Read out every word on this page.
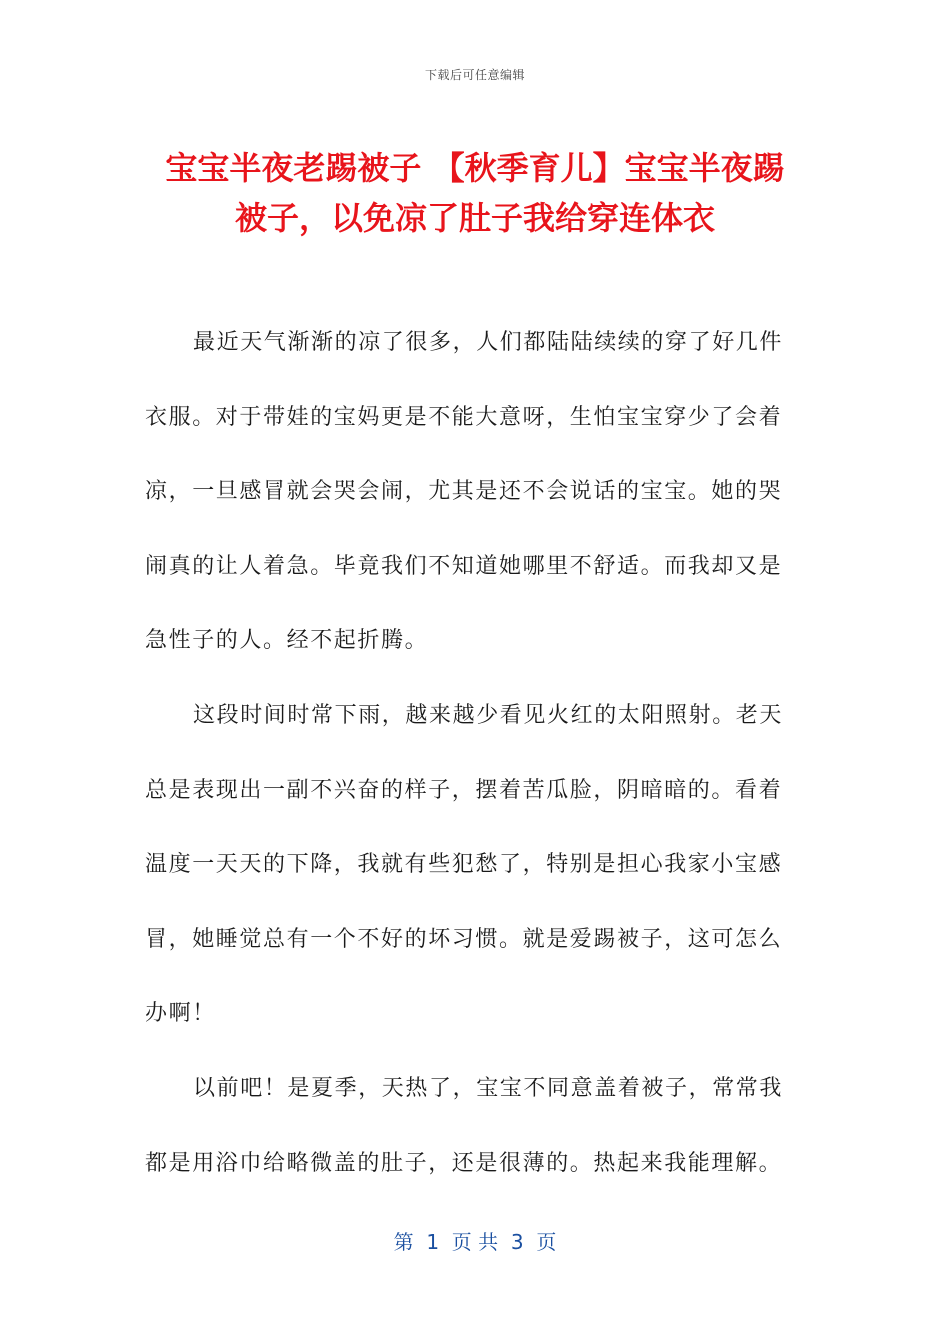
下载后可任意编辑
宝宝半夜老踢被子 【秋季育儿】宝宝半夜踢
被子，以免凉了肚子我给穿连体衣
最近天气渐渐的凉了很多，人们都陆陆续续的穿了好几件
衣服。对于带娃的宝妈更是不能大意呀，生怕宝宝穿少了会着
凉，一旦感冒就会哭会闹，尤其是还不会说话的宝宝。她的哭
闹真的让人着急。毕竟我们不知道她哪里不舒适。而我却又是
急性子的人。经不起折腾。
这段时间时常下雨，越来越少看见火红的太阳照射。老天
总是表现出一副不兴奋的样子，摆着苦瓜脸，阴暗暗的。看着
温度一天天的下降，我就有些犯愁了，特别是担心我家小宝感
冒，她睡觉总有一个不好的坏习惯。就是爱踢被子，这可怎么
办啊！
以前吧！是夏季，天热了，宝宝不同意盖着被子，常常我
都是用浴巾给略微盖的肚子，还是很薄的。热起来我能理解。
第  1  页 共  3  页
